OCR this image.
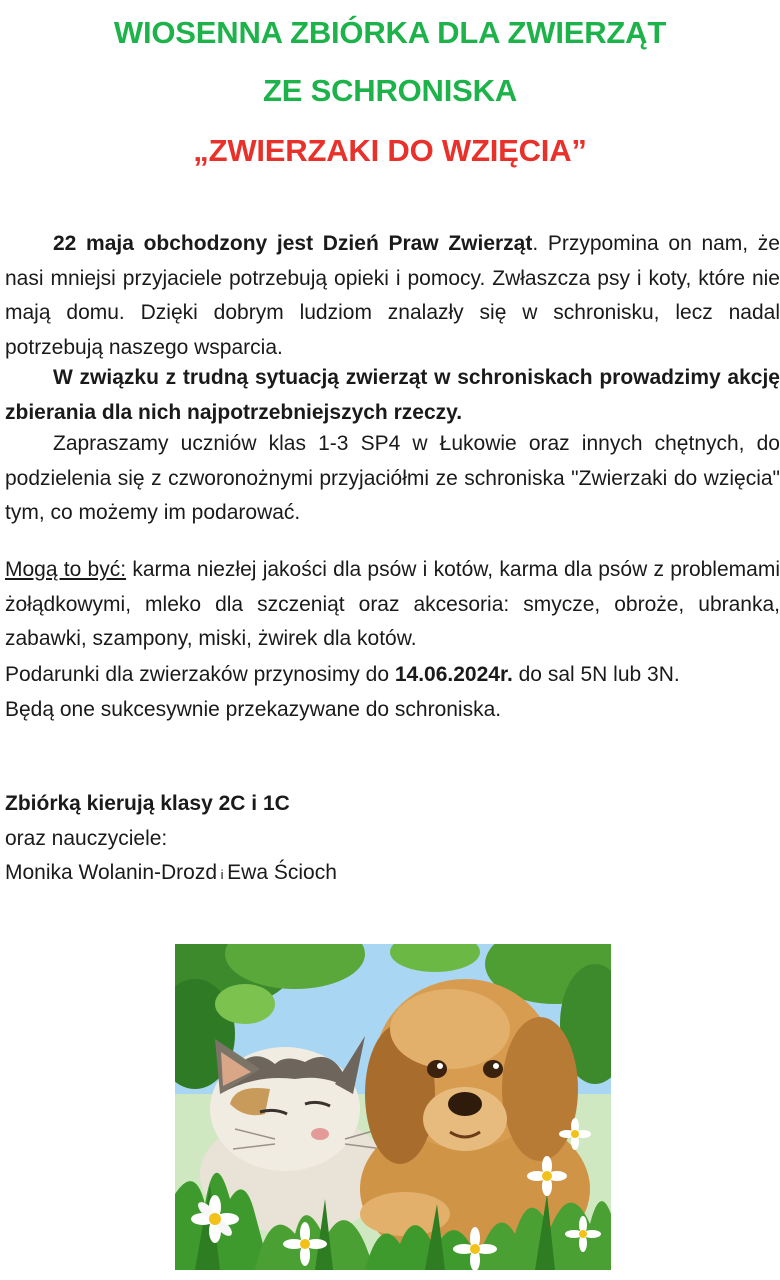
WIOSENNA ZBIÓRKA DLA ZWIERZĄT
ZE SCHRONISKA
„ZWIERZAKI DO WZIĘCIA”
22 maja obchodzony jest Dzień Praw Zwierząt. Przypomina on nam, że nasi mniejsi przyjaciele potrzebują opieki i pomocy. Zwłaszcza psy i koty, które nie mają domu. Dzięki dobrym ludziom znalazły się w schronisku, lecz nadal potrzebują naszego wsparcia.
W związku z trudną sytuacją zwierząt w schroniskach prowadzimy akcję zbierania dla nich najpotrzebniejszych rzeczy.
Zapraszamy uczniów klas 1-3 SP4 w Łukowie oraz innych chętnych, do podzielenia się z czworonożnymi przyjaciółmi ze schroniska "Zwierzaki do wzięcia" tym, co możemy im podarować.
Mogą to być: karma niezłej jakości dla psów i kotów, karma dla psów z problemami żołądkowymi, mleko dla szczeniąt oraz akcesoria: smycze, obroże, ubranka, zabawki, szampony, miski, żwirek dla kotów.
Podarunki dla zwierzaków przynosimy do 14.06.2024r. do sal 5N lub 3N.
Będą one sukcesywnie przekazywane do schroniska.
Zbiórką kierują klasy 2C i 1C
oraz nauczyciele:
Monika Wolanin-Drozd i Ewa Ścioch
